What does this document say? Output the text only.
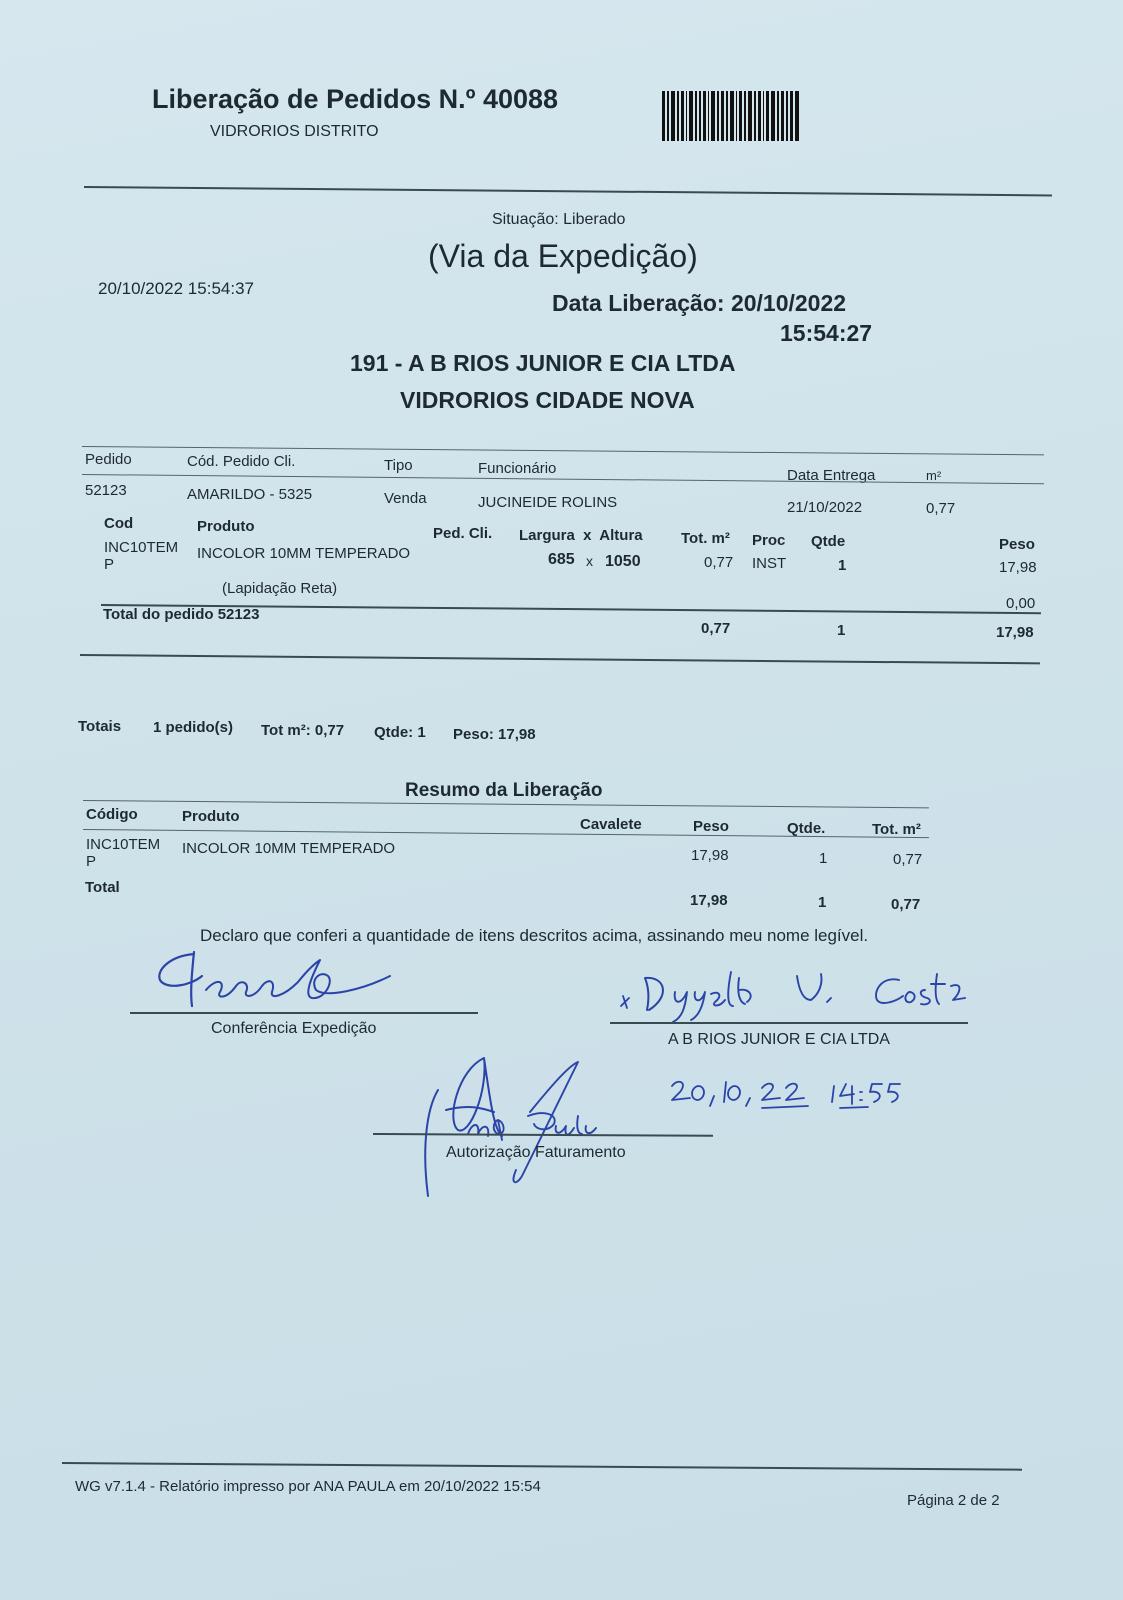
Liberação de Pedidos N.º 40088
VIDRORIOS DISTRITO
Situação: Liberado
(Via da Expedição)
20/10/2022 15:54:37
Data Liberação: 20/10/2022
15:54:27
191 - A B RIOS JUNIOR E CIA LTDA
VIDRORIOS CIDADE NOVA
Pedido	Cód. Pedido Cli.	Tipo	Funcionário	Data Entrega	m²
52123	AMARILDO - 5325	Venda	JUCINEIDE ROLINS	21/10/2022	0,77
Cod	Produto	Ped. Cli. Largura  x  Altura	Tot. m² Proc Qtde	Peso
INC10TEM
P
INCOLOR 10MM TEMPERADO	685 x 1050	0,77 INST	1	17,98
(Lapidação Reta)
0,00
Total do pedido 52123
0,77	1	17,98
Totais 1 pedido(s) Tot m²: 0,77 Qtde: 1 Peso: 17,98
Resumo da Liberação
Código	Produto	Cavalete	Peso	Qtde.	Tot. m²
INC10TEM
P
INCOLOR 10MM TEMPERADO	17,98	1	0,77
Total
17,98	1	0,77
Declaro que conferi a quantidade de itens descritos acima, assinando meu nome legível.
Conferência Expedição
A B RIOS JUNIOR E CIA LTDA
Autorização Faturamento
WG v7.1.4 - Relatório impresso por ANA PAULA em 20/10/2022 15:54
Página 2 de 2
